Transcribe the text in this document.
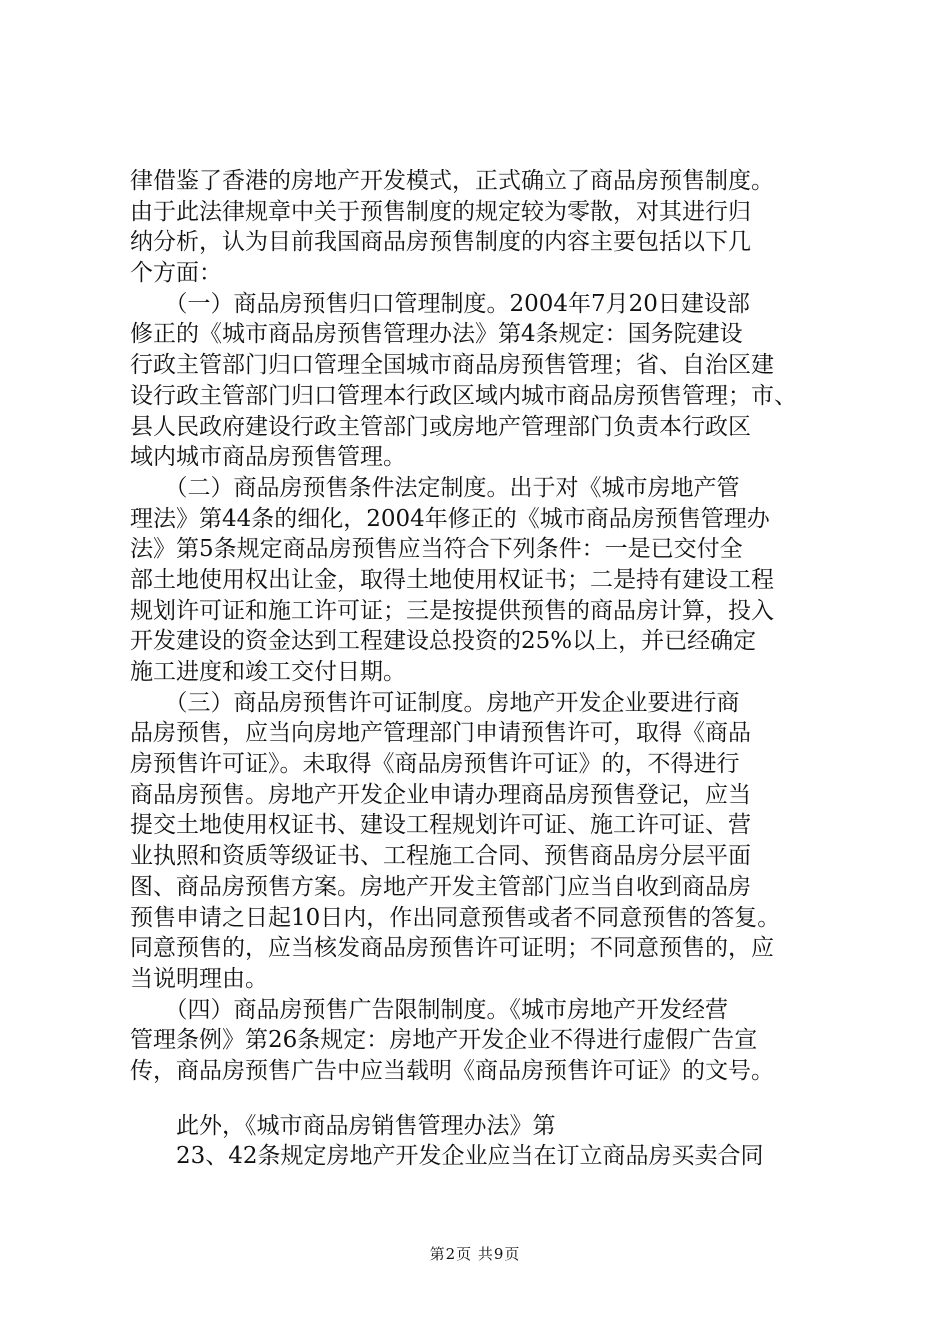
律借鉴了香港的房地产开发模式，正式确立了商品房预售制度。
由于此法律规章中关于预售制度的规定较为零散，对其进行归
纳分析，认为目前我国商品房预售制度的内容主要包括以下几
个方面：
　　（一）商品房预售归口管理制度。2004年7月20日建设部
修正的《城市商品房预售管理办法》第4条规定：国务院建设
行政主管部门归口管理全国城市商品房预售管理；省、自治区建
设行政主管部门归口管理本行政区域内城市商品房预售管理；市、
县人民政府建设行政主管部门或房地产管理部门负责本行政区
域内城市商品房预售管理。
　　（二）商品房预售条件法定制度。出于对《城市房地产管
理法》第44条的细化，2004年修正的《城市商品房预售管理办
法》第5条规定商品房预售应当符合下列条件：一是已交付全
部土地使用权出让金，取得土地使用权证书；二是持有建设工程
规划许可证和施工许可证；三是按提供预售的商品房计算，投入
开发建设的资金达到工程建设总投资的25%以上，并已经确定
施工进度和竣工交付日期。
　　（三）商品房预售许可证制度。房地产开发企业要进行商
品房预售，应当向房地产管理部门申请预售许可，取得《商品
房预售许可证》。未取得《商品房预售许可证》的，不得进行
商品房预售。房地产开发企业申请办理商品房预售登记，应当
提交土地使用权证书、建设工程规划许可证、施工许可证、营
业执照和资质等级证书、工程施工合同、预售商品房分层平面
图、商品房预售方案。房地产开发主管部门应当自收到商品房
预售申请之日起10日内，作出同意预售或者不同意预售的答复。
同意预售的，应当核发商品房预售许可证明；不同意预售的，应
当说明理由。
　　（四）商品房预售广告限制制度。《城市房地产开发经营
管理条例》第26条规定：房地产开发企业不得进行虚假广告宣
传，商品房预售广告中应当载明《商品房预售许可证》的文号。
　　此外，《城市商品房销售管理办法》第
　　23、42条规定房地产开发企业应当在订立商品房买卖合同
第2页 共9页
